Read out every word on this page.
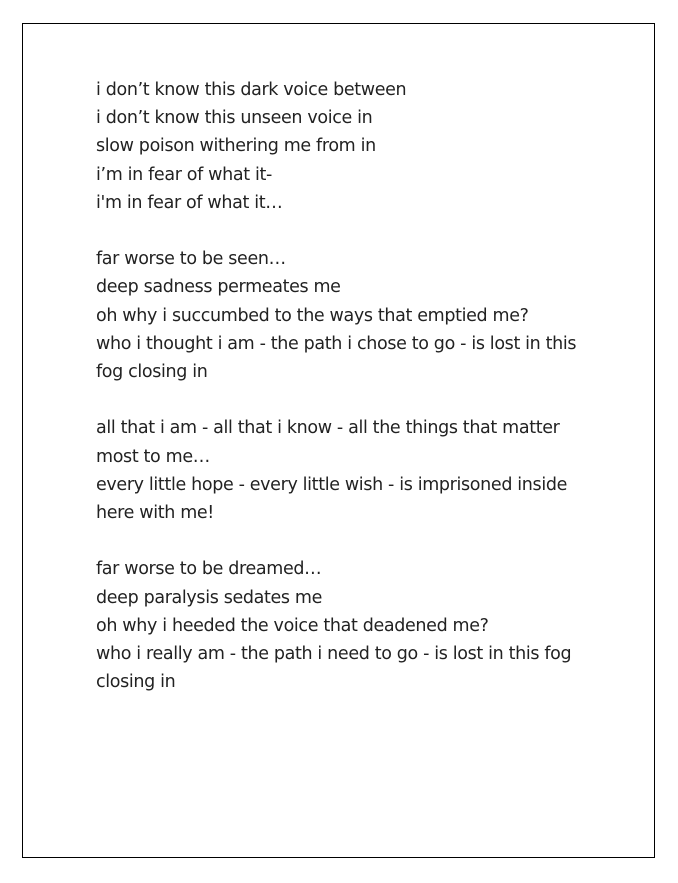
i don’t know this dark voice between
i don’t know this unseen voice in
slow poison withering me from in
i’m in fear of what it-
i'm in fear of what it…
far worse to be seen…
deep sadness permeates me
oh why i succumbed to the ways that emptied me?
who i thought i am - the path i chose to go - is lost in this fog closing in
all that i am - all that i know - all the things that matter most to me…
every little hope - every little wish - is imprisoned inside here with me!
far worse to be dreamed…
deep paralysis sedates me
oh why i heeded the voice that deadened me?
who i really am - the path i need to go - is lost in this fog closing in
